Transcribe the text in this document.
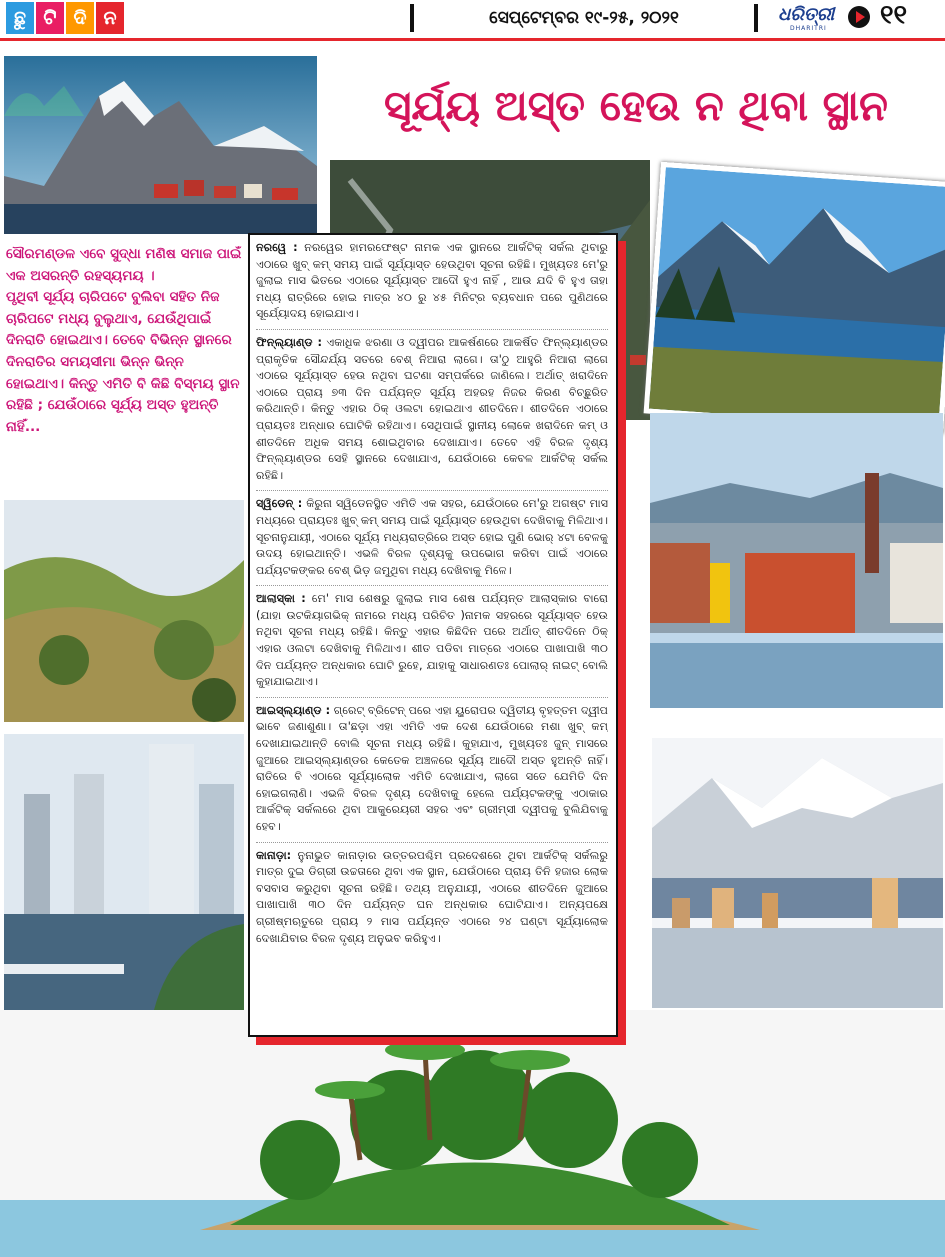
ଛୁ ଟି ଦି ନ	ସେପ୍ଟେମ୍ବର ୧୯-୨୫, ୨୦୨୧	ଧରିତ୍ରୀ
DHARITRI ୧୧
ସୂର୍ଯ୍ୟ ଅସ୍ତ ହେଉ ନ ଥିବା ସ୍ଥାନ

ସୌରମଣ୍ଡଳ ଏବେ ସୁଦ୍ଧା ମଣିଷ ସମାଜ ପାଇଁ ଏକ ଅସରନ୍ତି ରହସ୍ୟମୟ ।

ପୃଥିବୀ ସୂର୍ଯ୍ୟ ଚାରିପଟେ ବୁଲିବା ସହିତ ନିଜ ଚାରିପଟେ ମଧ୍ୟ ବୁଲୁଥାଏ, ଯେଉଁଥିପାଇଁ ଦିନରାତି ହୋଇଥାଏ। ତେବେ ବିଭିନ୍ନ ସ୍ଥାନରେ ଦିନରାତିର ସମୟସୀମା ଭିନ୍ନ ଭିନ୍ନ ହୋଇଥାଏ। କିନ୍ତୁ ଏମିତି ବି କିଛି ବିସ୍ମୟ ସ୍ଥାନ ରହିଛି ; ଯେଉଁଠାରେ ସୂର୍ଯ୍ୟ ଅସ୍ତ ହୁଅନ୍ତି ନାହିଁ...

ନରୱେ : ନରୱେର ହାମରଫେଷ୍ଟ ନାମକ ଏକ ସ୍ଥାନରେ ଆର୍କଟିକ୍ ସର୍କଲ ଥିବାରୁ ଏଠାରେ ଖୁବ୍ କମ୍ ସମୟ ପାଇଁ ସୂର୍ଯ୍ୟାସ୍ତ ହେଉଥିବା ସୂଚନା ରହିଛି। ମୁଖ୍ୟତଃ ମେ'ରୁ ଜୁଲାଇ ମାସ ଭିତରେ ଏଠାରେ ସୂର୍ଯ୍ୟାସ୍ତ ଆଦୌ ହୁଏ ନାହିଁ , ଆଉ ଯଦି ବି ହୁଏ ତାହା ମଧ୍ୟ ରାତ୍ରିରେ ହୋଇ ମାତ୍ର ୪୦ ରୁ ୪୫ ମିନିଟ୍ର ବ୍ୟବଧାନ ପରେ ପୁଣିଥରେ ସୂର୍ଯ୍ୟୋଦୟ ହୋଇଯାଏ।

ଫିନ୍ଲ୍ୟାଣ୍ଡ : ଏକାଧିକ ଝରଣା ଓ ଦ୍ୱୀପର ଆକର୍ଷଣରେ ଆକର୍ଷିତ ଫିନ୍ଲ୍ୟାଣ୍ଡର ପ୍ରାକୃତିକ ସୌନ୍ଦର୍ଯ୍ୟ ସତରେ ବେଶ୍ ନିଆରା ଲାଗେ। ତା'ଠୁ ଆହୁରି ନିଆରା ଲାଗେ ଏଠାରେ ସୂର୍ଯ୍ୟାସ୍ତ ହେଉ ନଥିବା ଘଟଣା ସମ୍ପର୍କରେ ଜାଣିଲେ। ଅର୍ଥାତ୍ ଖରାଦିନେ ଏଠାରେ ପ୍ରାୟ ୭୩ ଦିନ ପର୍ଯ୍ୟନ୍ତ ସୂର୍ଯ୍ୟ ଅହରହ ନିଜର କିରଣ ବିଚ୍ଛୁରିତ କରିଥାନ୍ତି। କିନ୍ତୁ ଏହାର ଠିକ୍ ଓଲଟା ହୋଇଥାଏ ଶୀତଦିନେ। ଶୀତଦିନେ ଏଠାରେ ପ୍ରାୟତଃ ଅନ୍ଧାର ଘୋଟିକି ରହିଥାଏ। ସେଥିପାଇଁ ସ୍ଥାନୀୟ ଲୋକେ ଖରାଦିନେ କମ୍ ଓ ଶୀତଦିନେ ଅଧିକ ସମୟ ଶୋଇଥିବାର ଦେଖାଯାଏ। ତେବେ ଏହି ବିରଳ ଦୃଶ୍ୟ ଫିନ୍ଲ୍ୟାଣ୍ଡର ସେହି ସ୍ଥାନରେ ଦେଖାଯାଏ, ଯେଉଁଠାରେ କେବଳ ଆର୍କଟିକ୍ ସର୍କଲ ରହିଛି।

ସ୍ୱିଡେନ୍ : କିରୁନା ସ୍ୱିଡେନସ୍ଥିତ ଏମିତି ଏକ ସହର, ଯେଉଁଠାରେ ମେ'ରୁ ଅଗଷ୍ଟ ମାସ ମଧ୍ୟରେ ପ୍ରାୟତଃ ଖୁବ୍ କମ୍ ସମୟ ପାଇଁ ସୂର୍ଯ୍ୟାସ୍ତ ହେଉଥିବା ଦେଖିବାକୁ ମିଳିଥାଏ। ସୂଚନାନୁଯାୟୀ, ଏଠାରେ ସୂର୍ଯ୍ୟ ମଧ୍ୟରାତ୍ରିରେ ଅସ୍ତ ହୋଇ ପୁଣି ଭୋର୍ ୪ଟା ବେଳକୁ ଉଦୟ ହୋଇଥାନ୍ତି। ଏଭଳି ବିରଳ ଦୃଶ୍ୟକୁ ଉପଭୋଗ କରିବା ପାଇଁ ଏଠାରେ ପର୍ଯ୍ୟଟକଙ୍କର ବେଶ୍ ଭିଡ଼ ଜମୁଥିବା ମଧ୍ୟ ଦେଖିବାକୁ ମିଳେ।

ଆଲାସ୍କା : ମେ' ମାସ ଶେଷରୁ ଜୁଲାଇ ମାସ ଶେଷ ପର୍ଯ୍ୟନ୍ତ ଆଲାସ୍କାର ବାରୋ (ଯାହା ଉଟକିୟାଗଭିକ୍ ନାମରେ ମଧ୍ୟ ପରିଚିତ )ନାମକ ସହରରେ ସୂର୍ଯ୍ୟାସ୍ତ ହେଉ ନଥିବା ସୂଚନା ମଧ୍ୟ ରହିଛି। କିନ୍ତୁ ଏହାର କିଛିଦିନ ପରେ ଅର୍ଥାତ୍ ଶୀତଦିନେ ଠିକ୍ ଏହାର ଓଲଟା ଦେଖିବାକୁ ମିଳିଥାଏ। ଶୀତ ପଡିବା ମାତ୍ରେ ଏଠାରେ ପାଖାପାଖି ୩୦ ଦିନ ପର୍ଯ୍ୟନ୍ତ ଅନ୍ଧକାର ଘୋଟି ରୁହେ, ଯାହାକୁ ସାଧାରଣତଃ ପୋଲାର୍ ନାଇଟ୍ ବୋଲି କୁହାଯାଇଥାଏ।

ଆଇସ୍ଲ୍ୟାଣ୍ଡ : ଗ୍ରେଟ୍ ବ୍ରିଟେନ୍ ପରେ ଏହା ୟୁରୋପର ଦ୍ୱିତୀୟ ବୃହତ୍ତମ ଦ୍ୱୀପ ଭାବେ ଜଣାଶୁଣା। ତା'ଛଡ଼ା ଏହା ଏମିତି ଏକ ଦେଶ ଯେଉଁଠାରେ ମଶା ଖୁବ୍ କମ୍ ଦେଖାଯାଇଥାନ୍ତି ବୋଲି ସୂଚନା ମଧ୍ୟ ରହିଛି। କୁହାଯାଏ, ମୁଖ୍ୟତଃ ଜୁନ୍ ମାସରେ ଜୁଆରେ ଆଇସ୍ଲ୍ୟାଣ୍ଡର କେତେକ ଅଞ୍ଚଳରେ ସୂର୍ଯ୍ୟ ଆଦୌ ଅସ୍ତ ହୁଅନ୍ତି ନାହିଁ। ରାତିରେ ବି ଏଠାରେ ସୂର୍ଯ୍ୟାଲୋକ ଏମିତି ଦେଖାଯାଏ, ଲାଗେ ସତେ ଯେମିତି ଦିନ ହୋଇଗଲାଣି। ଏଭଳି ବିରଳ ଦୃଶ୍ୟ ଦେଖିବାକୁ ହେଲେ ପର୍ଯ୍ୟଟକଙ୍କୁ ଏଠାକାର ଆର୍କଟିକ୍ ସର୍କଲରେ ଥିବା ଆକୁରେୟରୀ ସହର ଏବଂ ଗ୍ରୀମ୍ସୀ ଦ୍ୱୀପକୁ ବୁଲିଯିବାକୁ ହେବ।

କାନାଡ଼ା: ନୁନାଭୁତ କାନାଡ଼ାର ଉତ୍ତରପଶ୍ଚିମ ପ୍ରଦେଶରେ ଥିବା ଆର୍କଟିକ୍ ସର୍କଲରୁ ମାତ୍ର ଦୁଇ ଡିଗ୍ରୀ ଉଚ୍ଚତାରେ ଥିବା ଏକ ସ୍ଥାନ, ଯେଉଁଠାରେ ପ୍ରାୟ ତିନି ହଜାର ଲୋକ ବସବାସ କରୁଥିବା ସୂଚନା ରହିଛି। ତଥ୍ୟ ଅନୁଯାୟୀ, ଏଠାରେ ଶୀତଦିନେ ଜୁଆରେ ପାଖାପାଖି ୩୦ ଦିନ ପର୍ଯ୍ୟନ୍ତ ଘନ ଅନ୍ଧକାର ଘୋଟିଯାଏ। ଅନ୍ୟପକ୍ଷେ ଗ୍ରୀଷ୍ମଋତୁରେ ପ୍ରାୟ ୨ ମାସ ପର୍ଯ୍ୟନ୍ତ ଏଠାରେ ୨୪ ଘଣ୍ଟା ସୂର୍ଯ୍ୟାଲୋକ ଦେଖାଯିବାର ବିରଳ ଦୃଶ୍ୟ ଅନୁଭବ କରିହୁଏ।
